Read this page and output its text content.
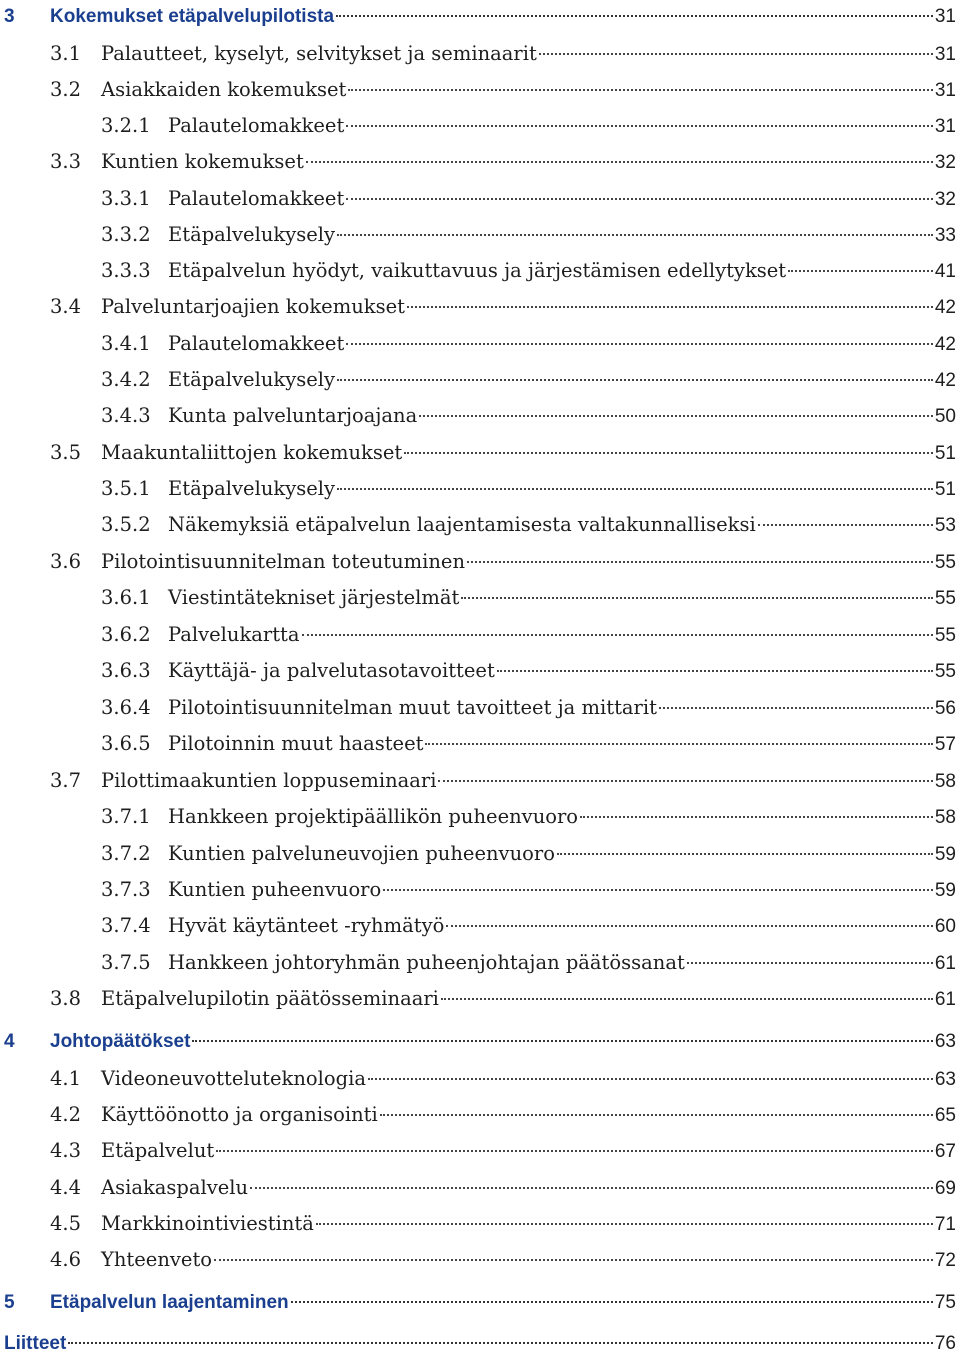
3	Kokemukset etäpalvelupilotista	31
3.1	Palautteet, kyselyt, selvitykset ja seminaarit	31
3.2	Asiakkaiden kokemukset	31
3.2.1 Palautelomakkeet	31
3.3	Kuntien kokemukset	32
3.3.1 Palautelomakkeet	32
3.3.2 Etäpalvelukysely	33
3.3.3 Etäpalvelun hyödyt, vaikuttavuus ja järjestämisen edellytykset	41
3.4	Palveluntarjoajien kokemukset	42
3.4.1 Palautelomakkeet	42
3.4.2 Etäpalvelukysely	42
3.4.3 Kunta palveluntarjoajana	50
3.5	Maakuntaliittojen kokemukset	51
3.5.1 Etäpalvelukysely	51
3.5.2 Näkemyksiä etäpalvelun laajentamisesta valtakunnalliseksi	53
3.6	Pilotointisuunnitelman toteutuminen	55
3.6.1 Viestintätekniset järjestelmät	55
3.6.2 Palvelukartta	55
3.6.3 Käyttäjä- ja palvelutasotavoitteet	55
3.6.4 Pilotointisuunnitelman muut tavoitteet ja mittarit	56
3.6.5 Pilotoinnin muut haasteet	57
3.7	Pilottimaakuntien loppuseminaari	58
3.7.1 Hankkeen projektipäällikön puheenvuoro	58
3.7.2 Kuntien palveluneuvojien puheenvuoro	59
3.7.3 Kuntien puheenvuoro	59
3.7.4 Hyvät käytänteet -ryhmätyö	60
3.7.5 Hankkeen johtoryhmän puheenjohtajan päätössanat	61
3.8	Etäpalvelupilotin päätösseminaari	61
4	Johtopäätökset	63
4.1	Videoneuvotteluteknologia	63
4.2	Käyttöönotto ja organisointi	65
4.3	Etäpalvelut	67
4.4	Asiakaspalvelu	69
4.5	Markkinointiviestintä	71
4.6	Yhteenveto	72
5	Etäpalvelun laajentaminen	75
Liitteet	76
